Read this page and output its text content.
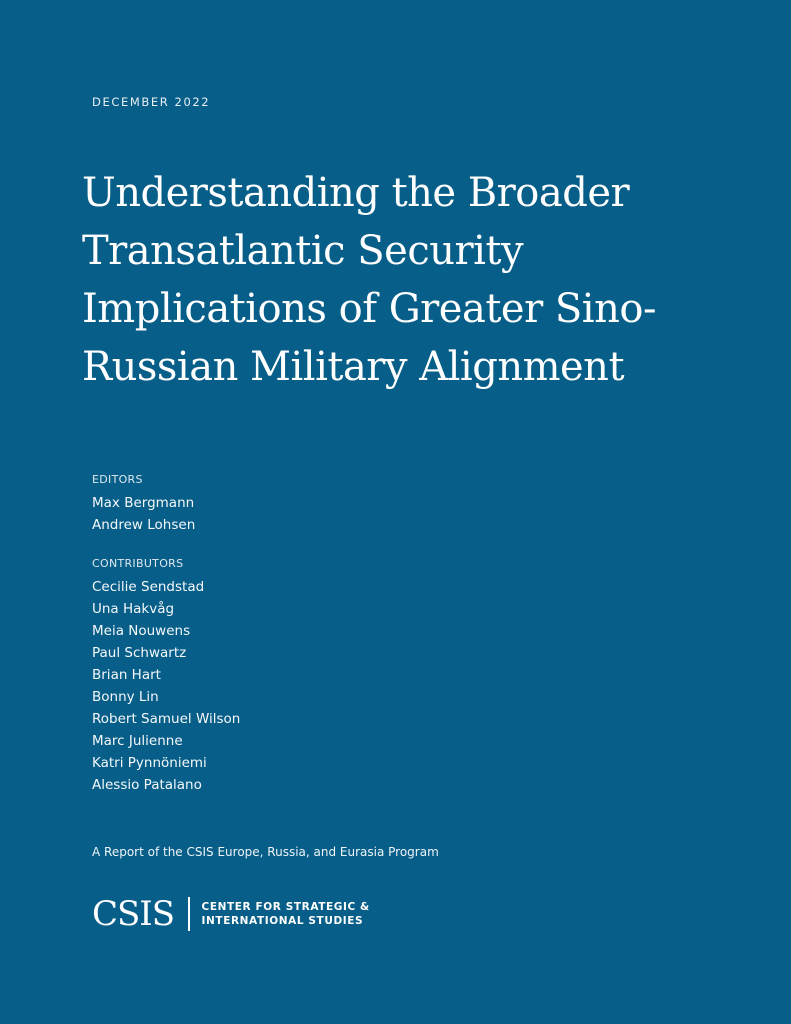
DECEMBER 2022
Understanding the Broader
Transatlantic Security
Implications of Greater Sino-
Russian Military Alignment
EDITORS
Max Bergmann
Andrew Lohsen
CONTRIBUTORS
Cecilie Sendstad
Una Hakvåg
Meia Nouwens
Paul Schwartz
Brian Hart
Bonny Lin
Robert Samuel Wilson
Marc Julienne
Katri Pynnöniemi
Alessio Patalano
A Report of the CSIS Europe, Russia, and Eurasia Program
CSIS	CENTER FOR STRATEGIC &
INTERNATIONAL STUDIES
